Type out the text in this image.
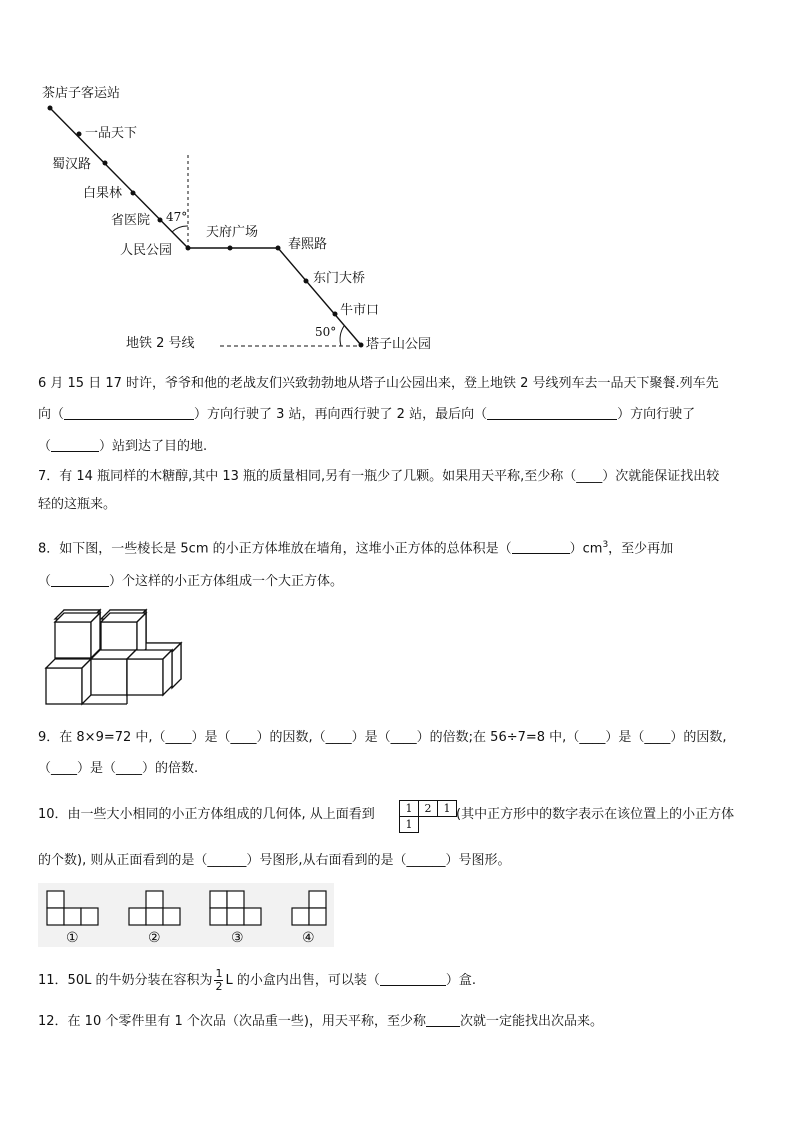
茶店子客运站
一品天下
蜀汉路
白果林
省医院 47°
人民公园
天府广场
春熙路
东门大桥
牛市口
50°
地铁 2 号线	塔子山公园
6 月 15 日 17 时许，爷爷和他的老战友们兴致勃勃地从塔子山公园出来，登上地铁 2 号线列车去一品天下聚餐.列车先
向（	）方向行驶了 3 站，再向西行驶了 2 站，最后向（	）方向行驶了
（	）站到达了目的地.
7．有 14 瓶同样的木糖醇,其中 13 瓶的质量相同,另有一瓶少了几颗。如果用天平称,至少称（____）次就能保证找出较
轻的这瓶来。
8．如下图，一些棱长是 5cm 的小正方体堆放在墙角，这堆小正方体的总体积是（	）$cm^3$，至少再加
（	）个这样的小正方体组成一个大正方体。
9．在 8×9=72 中,（____）是（____）的因数,（____）是（____）的倍数;在 56÷7=8 中,（____）是（____）的因数,
（____）是（____）的倍数.
10．由一些大小相同的小正方体组成的几何体, 从上面看到	1	2	1
1
(其中正方形中的数字表示在该位置上的小正方体
的个数), 则从正面看到的是（______）号图形,从右面看到的是（______）号图形。
①	②	③	④
11．50L 的牛奶分装在容积为 $\frac{1}{2}$ L 的小盒内出售，可以装（	）盒.
12．在 10 个零件里有 1 个次品（次品重一些)，用天平称，至少称	次就一定能找出次品来。
